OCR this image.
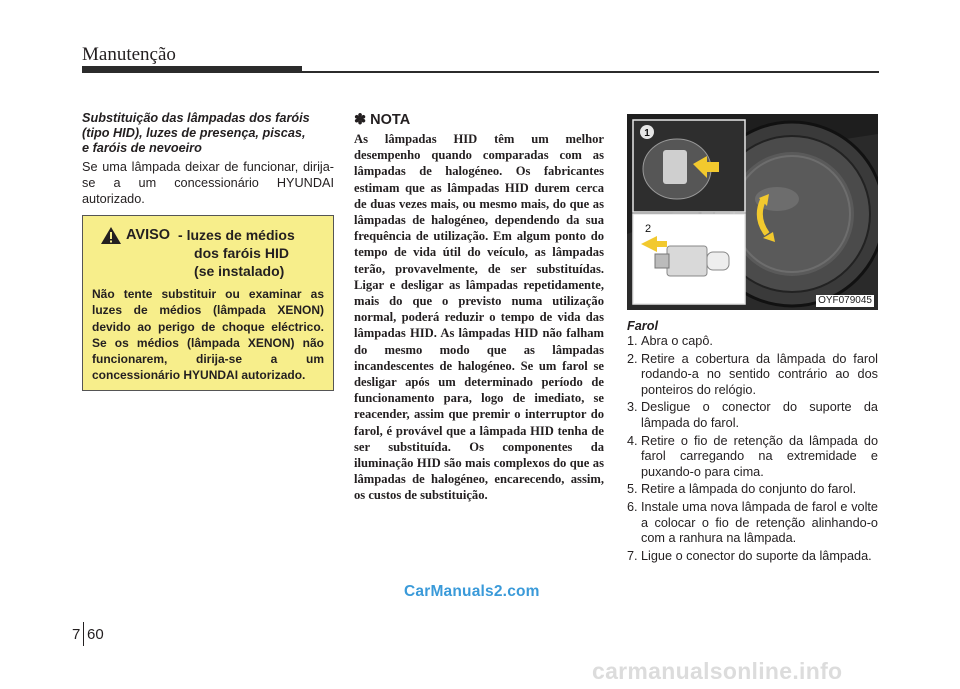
Manutenção

Substituição das lâmpadas dos faróis
(tipo HID), luzes de presença, piscas,
e faróis de nevoeiro

Se uma lâmpada deixar de funcionar, dirija-se a um concessionário HYUNDAI autorizado.

AVISO - luzes de médios
dos faróis HID
(se instalado)
Não tente substituir ou examinar as luzes de médios (lâmpada XENON) devido ao perigo de choque eléctrico. Se os médios (lâmpada XENON) não funcionarem, dirija-se a um concessionário HYUNDAI autorizado.

✽ NOTA

As lâmpadas HID têm um melhor desempenho quando comparadas com as lâmpadas de halogéneo. Os fabricantes estimam que as lâmpadas HID durem cerca de duas vezes mais, ou mesmo mais, do que as lâmpadas de halogéneo, dependendo da sua frequência de utilização. Em algum ponto do tempo de vida útil do veículo, as lâmpadas terão, provavelmente, de ser substituídas. Ligar e desligar as lâmpadas repetidamente, mais do que o previsto numa utilização normal, poderá reduzir o tempo de vida das lâmpadas HID. As lâmpadas HID não falham do mesmo modo que as lâmpadas incandescentes de halogéneo. Se um farol se desligar após um determinado período de funcionamento para, logo de imediato, se reacender, assim que premir o interruptor do farol, é provável que a lâmpada HID tenha de ser substituída. Os componentes da iluminação HID são mais complexos do que as lâmpadas de halogéneo, encarecendo, assim, os custos de substituição.

1
2
OYF079045

Farol

1. Abra o capô.
2. Retire a cobertura da lâmpada do farol rodando-a no sentido contrário ao dos ponteiros do relógio.
3. Desligue o conector do suporte da lâmpada do farol.
4. Retire o fio de retenção da lâmpada do farol carregando na extremidade e puxando-o para cima.
5. Retire a lâmpada do conjunto do farol.
6. Instale uma nova lâmpada de farol e volte a colocar o fio de retenção alinhando-o com a ranhura na lâmpada.
7. Ligue o conector do suporte da lâmpada.
CarManuals2.com
7 60
carmanualsonline.info
